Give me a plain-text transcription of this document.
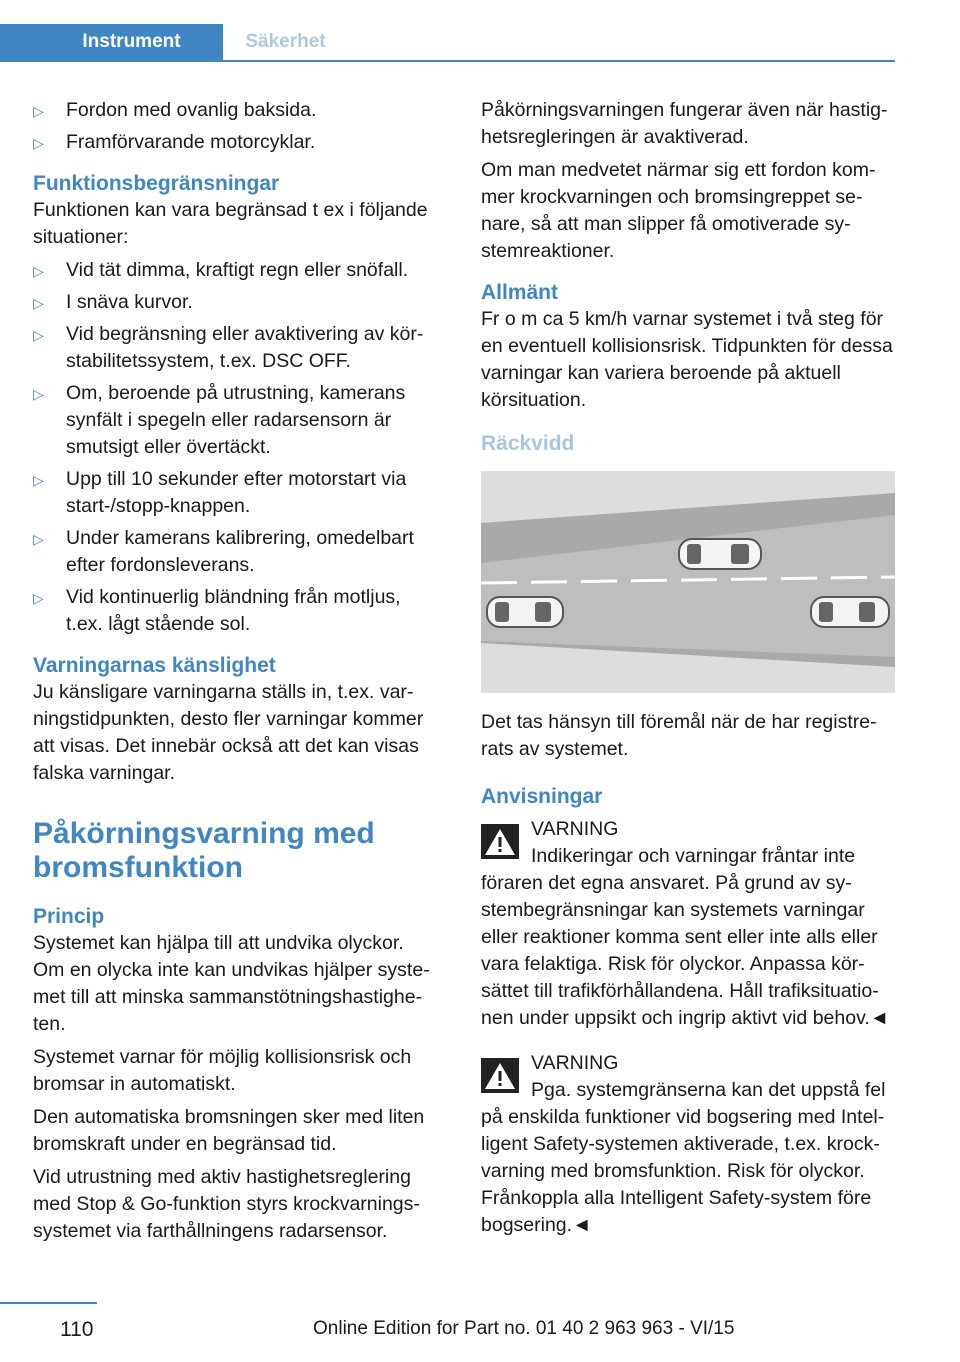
Instrument	Säkerhet
▷ Fordon med ovanlig baksida.
▷ Framförvarande motorcyklar.
Funktionsbegränsningar

Funktionen kan vara begränsad t ex i följande situationer:

▷ Vid tät dimma, kraftigt regn eller snöfall.
▷ I snäva kurvor.
▷ Vid begränsning eller avaktivering av körstabilitetssystem, t.ex. DSC OFF.
▷ Om, beroende på utrustning, kamerans synfält i spegeln eller radarsensorn är smutsigt eller övertäckt.
▷ Upp till 10 sekunder efter motorstart via start-/stopp-knappen.
▷ Under kamerans kalibrering, omedelbart efter fordonsleverans.
▷ Vid kontinuerlig bländning från motljus, t.ex. lågt stående sol.
Varningarnas känslighet

Ju känsligare varningarna ställs in, t.ex. varningstidpunkten, desto fler varningar kommer att visas. Det innebär också att det kan visas falska varningar.

Påkörningsvarning med bromsfunktion
Princip

Systemet kan hjälpa till att undvika olyckor. Om en olycka inte kan undvikas hjälper systemet till att minska sammanstötningshastigheten.

Systemet varnar för möjlig kollisionsrisk och bromsar in automatiskt.

Den automatiska bromsningen sker med liten bromskraft under en begränsad tid.

Vid utrustning med aktiv hastighetsreglering med Stop & Go-funktion styrs krockvarningssystemet via farthållningens radarsensor.

Påkörningsvarningen fungerar även när hastighetsregleringen är avaktiverad.

Om man medvetet närmar sig ett fordon kommer krockvarningen och bromsingreppet senare, så att man slipper få omotiverade systemreaktioner.

Allmänt

Fr o m ca 5 km/h varnar systemet i två steg för en eventuell kollisionsrisk. Tidpunkten för dessa varningar kan variera beroende på aktuell körsituation.

Räckvidd

Det tas hänsyn till föremål när de har registrerats av systemet.

Anvisningar
VARNING
Indikeringar och varningar fråntar inte
föraren det egna ansvaret. På grund av systembegränsningar kan systemets varningar eller reaktioner komma sent eller inte alls eller vara felaktiga. Risk för olyckor. Anpassa körsättet till trafikförhållandena. Håll trafiksituationen under uppsikt och ingrip aktivt vid behov.◄
VARNING
Pga. systemgränserna kan det uppstå fel
på enskilda funktioner vid bogsering med Intelligent Safety-systemen aktiverade, t.ex. krockvarning med bromsfunktion. Risk för olyckor. Frånkoppla alla Intelligent Safety-system före bogsering.◄
110	Online Edition for Part no. 01 40 2 963 963 - VI/15
